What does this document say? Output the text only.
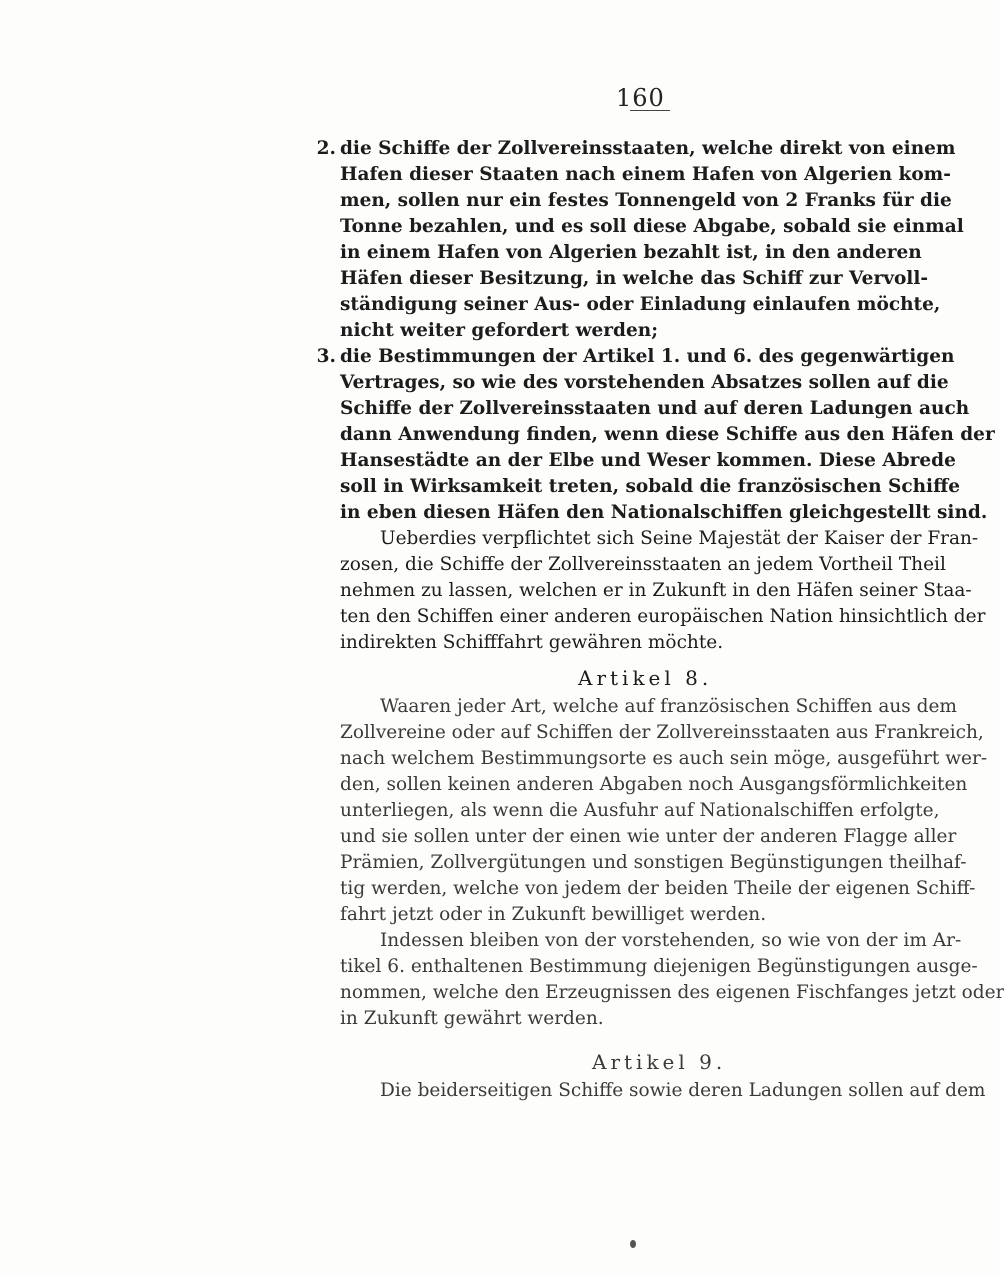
160
2. die Schiffe der Zollvereinsstaaten, welche direkt von einem
Hafen dieser Staaten nach einem Hafen von Algerien kom-
men, sollen nur ein festes Tonnengeld von 2 Franks für die
Tonne bezahlen, und es soll diese Abgabe, sobald sie einmal
in einem Hafen von Algerien bezahlt ist, in den anderen
Häfen dieser Besitzung, in welche das Schiff zur Vervoll-
ständigung seiner Aus- oder Einladung einlaufen möchte,
nicht weiter gefordert werden;
3. die Bestimmungen der Artikel 1. und 6. des gegenwärtigen
Vertrages, so wie des vorstehenden Absatzes sollen auf die
Schiffe der Zollvereinsstaaten und auf deren Ladungen auch
dann Anwendung finden, wenn diese Schiffe aus den Häfen der
Hansestädte an der Elbe und Weser kommen. Diese Abrede
soll in Wirksamkeit treten, sobald die französischen Schiffe
in eben diesen Häfen den Nationalschiffen gleichgestellt sind.
Ueberdies verpflichtet sich Seine Majestät der Kaiser der Fran-
zosen, die Schiffe der Zollvereinsstaaten an jedem Vortheil Theil
nehmen zu lassen, welchen er in Zukunft in den Häfen seiner Staa-
ten den Schiffen einer anderen europäischen Nation hinsichtlich der
indirekten Schifffahrt gewähren möchte.
Artikel 8.
Waaren jeder Art, welche auf französischen Schiffen aus dem
Zollvereine oder auf Schiffen der Zollvereinsstaaten aus Frankreich,
nach welchem Bestimmungsorte es auch sein möge, ausgeführt wer-
den, sollen keinen anderen Abgaben noch Ausgangsförmlichkeiten
unterliegen, als wenn die Ausfuhr auf Nationalschiffen erfolgte,
und sie sollen unter der einen wie unter der anderen Flagge aller
Prämien, Zollvergütungen und sonstigen Begünstigungen theilhaf-
tig werden, welche von jedem der beiden Theile der eigenen Schiff-
fahrt jetzt oder in Zukunft bewilliget werden.
Indessen bleiben von der vorstehenden, so wie von der im Ar-
tikel 6. enthaltenen Bestimmung diejenigen Begünstigungen ausge-
nommen, welche den Erzeugnissen des eigenen Fischfanges jetzt oder
in Zukunft gewährt werden.
Artikel 9.
Die beiderseitigen Schiffe sowie deren Ladungen sollen auf dem
